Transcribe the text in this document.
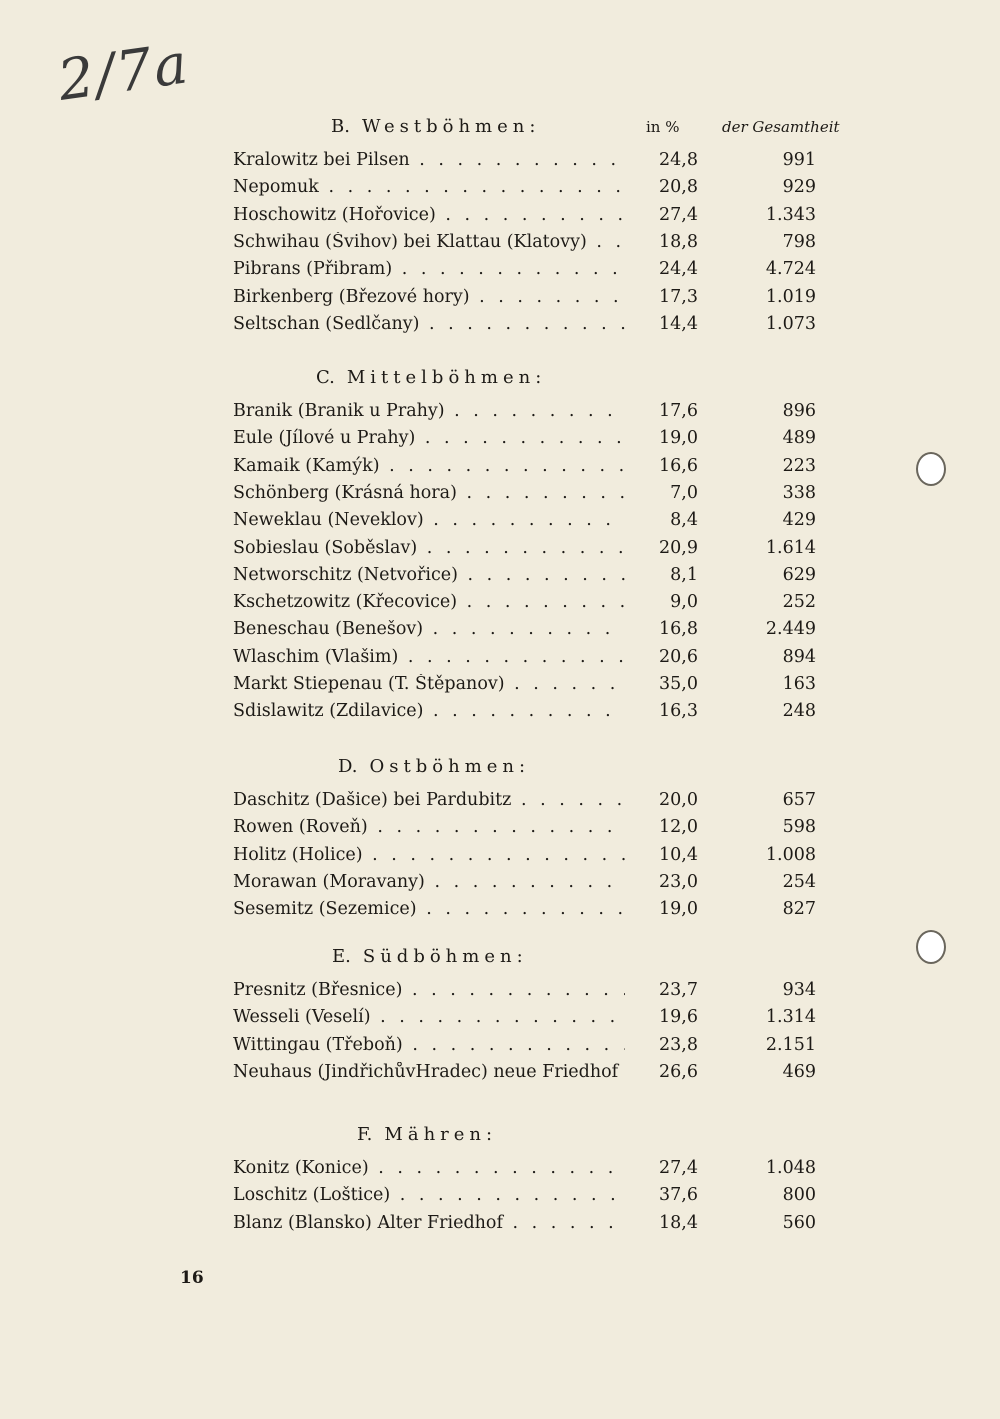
2/7a
B. Westböhmen:	in %	der Gesamtheit
Kralowitz bei Pilsen . . .	24,8	991
Nepomuk . . .	20,8	929
Hoschowitz (Hořovice) . . .	27,4	1.343
Schwihau (Švihov) bei Klattau (Klatovy) . . .	18,8	798
Pibrans (Přibram) . . .	24,4	4.724
Birkenberg (Březové hory) . . .	17,3	1.019
Seltschan (Sedlčany) . . .	14,4	1.073
C. Mittelböhmen:
Branik (Branik u Prahy) . . .	17,6	896
Eule (Jílové u Prahy) . . .	19,0	489
Kamaik (Kamýk) . . .	16,6	223
Schönberg (Krásná hora) . . .	7,0	338
Neweklau (Neveklov) . . .	8,4	429
Sobieslau (Soběslav) . . .	20,9	1.614
Networschitz (Netvořice) . . .	8,1	629
Kschetzowitz (Křecovice) . . .	9,0	252
Beneschau (Benešov) . . .	16,8	2.449
Wlaschim (Vlašim) . . .	20,6	894
Markt Stiepenau (T. Štěpanov) . . .	35,0	163
Sdislawitz (Zdilavice) . . .	16,3	248
D. Ostböhmen:
Daschitz (Dašice) bei Pardubitz . . .	20,0	657
Rowen (Roveň) . . .	12,0	598
Holitz (Holice) . . .	10,4	1.008
Morawan (Moravany) . . .	23,0	254
Sesemitz (Sezemice) . . .	19,0	827
E. Südböhmen:
Presnitz (Břesnice) . . .	23,7	934
Wesseli (Veselí) . . .	19,6	1.314
Wittingau (Třeboň) . . .	23,8	2.151
Neuhaus (JindřichůvHradec) neue Friedhof . . .	26,6	469
F. Mähren:
Konitz (Konice) . . .	27,4	1.048
Loschitz (Loštice) . . .	37,6	800
Blanz (Blansko) Alter Friedhof . . .	18,4	560
16
